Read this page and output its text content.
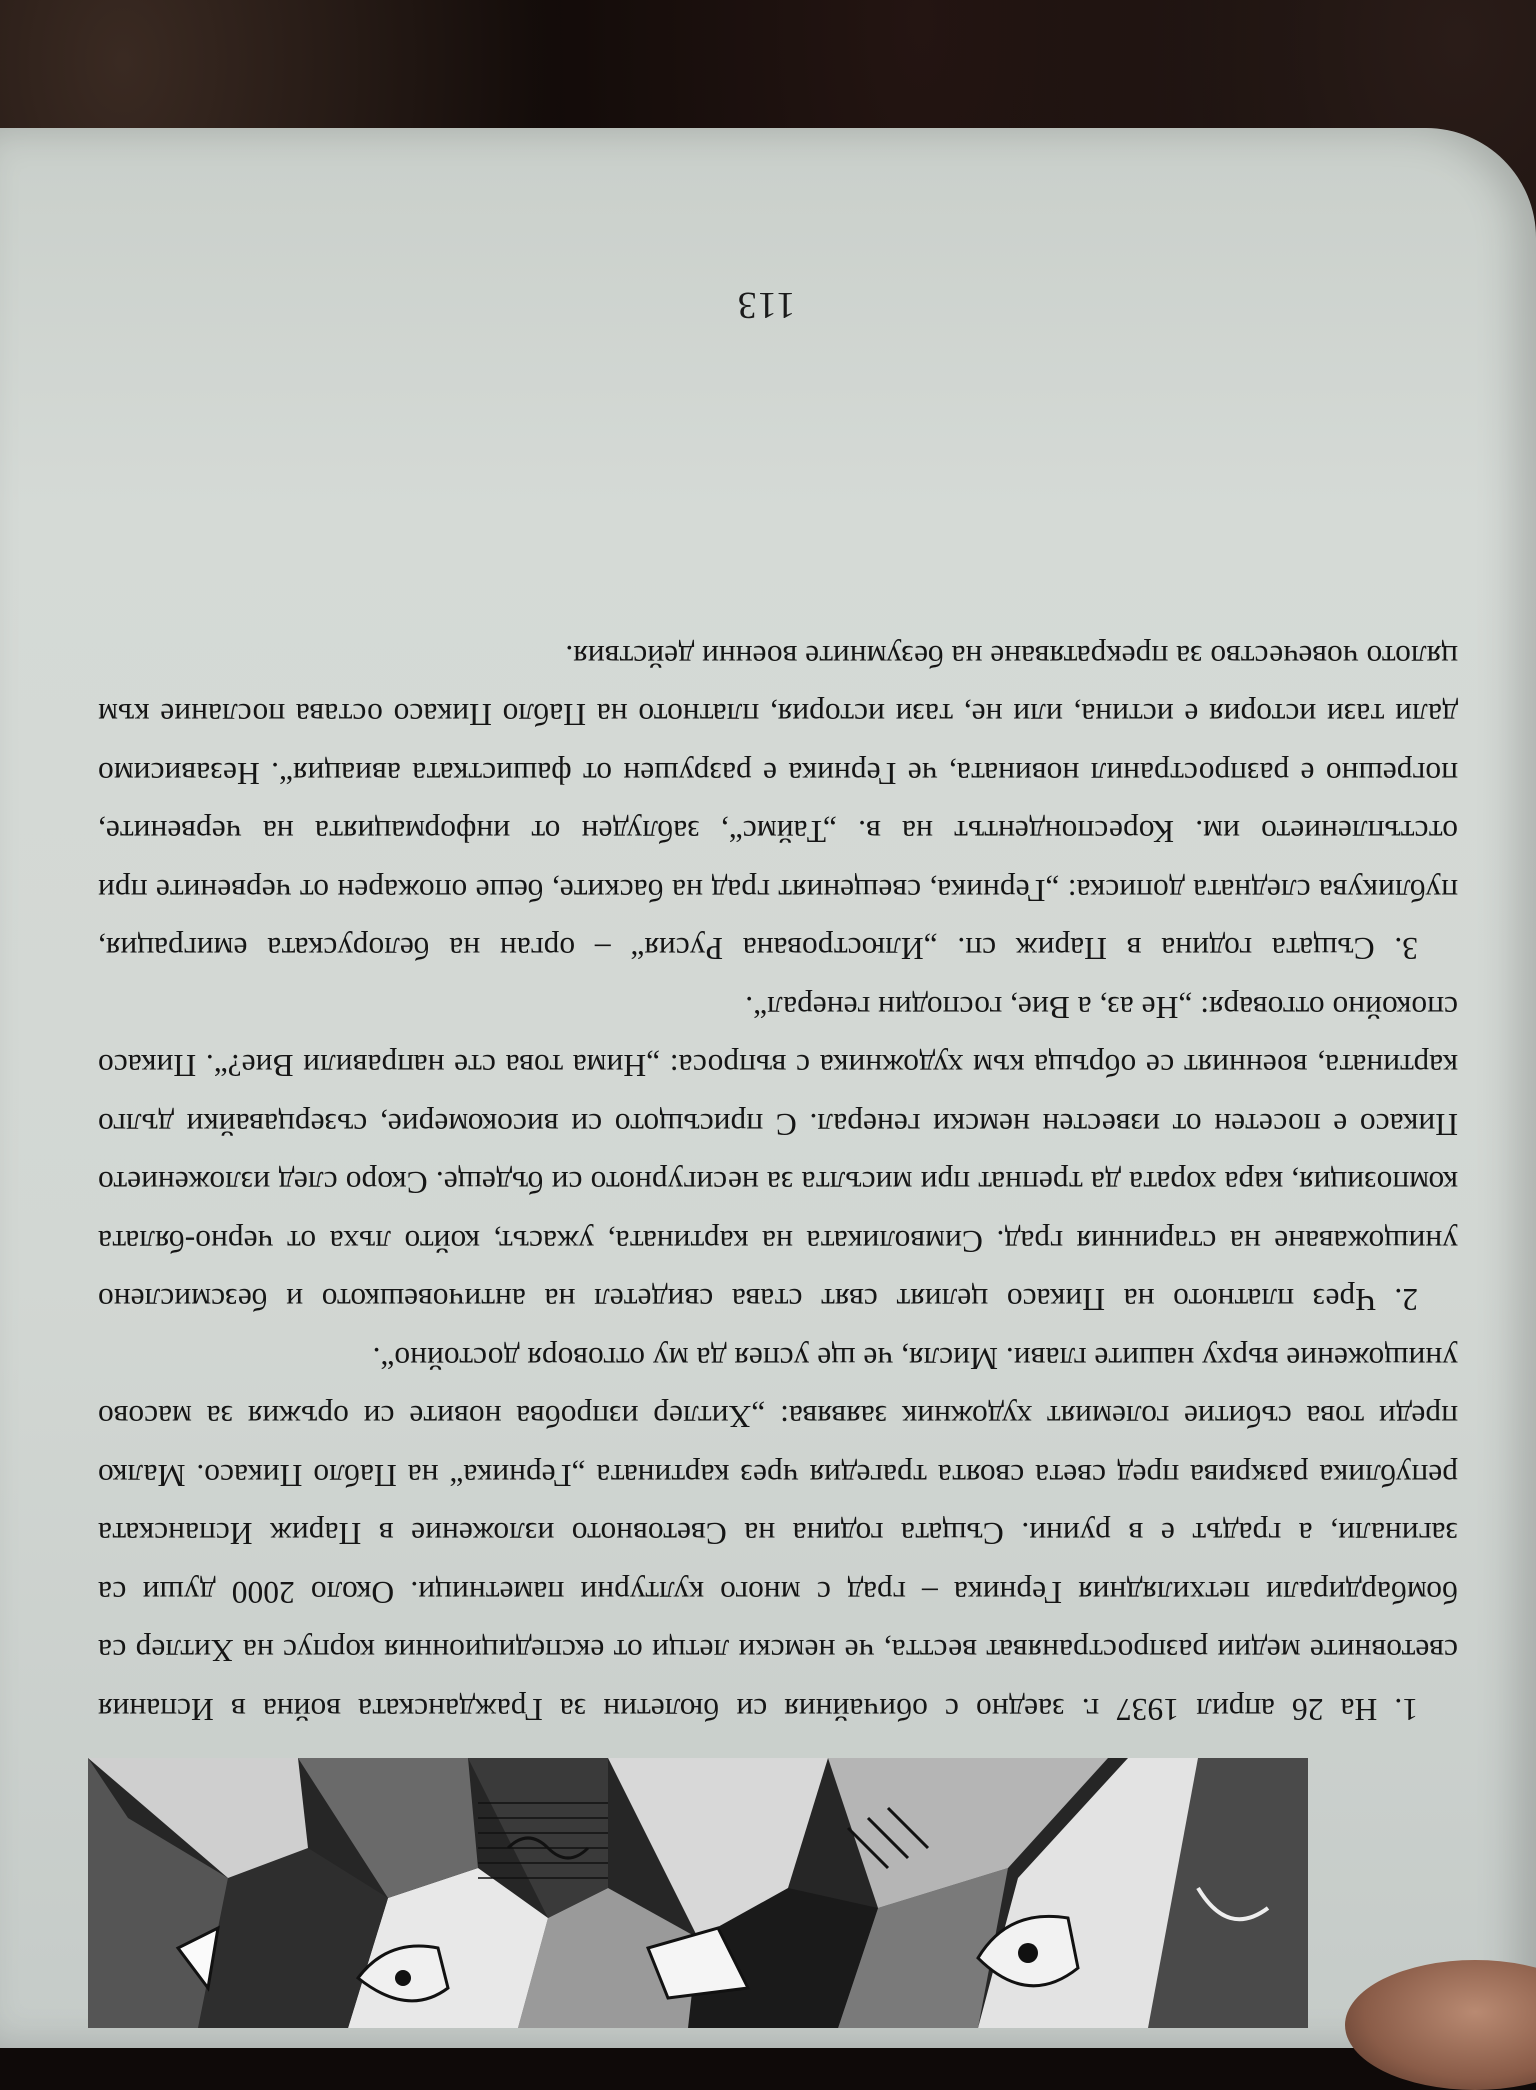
1. На 26 април 1937 г. заедно с обичайния си бюлетин за Гражданската война в Испания световните медии разпространяват вестта, че немски летци от експедиционния корпус на Хитлер са бомбардирали петхилядния Герника – град с много културни паметници. Около 2000 души са загинали, а градът е в руини. Същата година на Световното изложение в Париж Испанската република разкрива пред света своята трагедия чрез картината „Герника“ на Пабло Пикасо. Малко преди това събитие големият художник заявява: „Хитлер изпробва новите си оръжия за масово унищожение върху нашите глави. Мисля, че ще успея да му отговоря достойно“.

2. Чрез платното на Пикасо целият свят става свидетел на античовешкото и безсмислено унищожаване на старинния град. Символиката на картината, ужасът, който лъха от черно-бялата композиция, кара хората да трепнат при мисълта за несигурното си бъдеще. Скоро след изложението Пикасо е посетен от известен немски генерал. С присъщото си високомерие, съзерцавайки дълго картината, военният се обръща към художника с въпроса: „Нима това сте направили Вие?“. Пикасо спокойно отговаря: „Не аз, а Вие, господин генерал“.

3. Същата година в Париж сп. „Илюстрована Русия“ – орган на белоруската емиграция, публикува следната дописка: „Герника, свещеният град на баските, беше опожарен от червените при отстъплението им. Кореспондентът на в. „Таймс“, заблуден от информацията на червените, погрешно е разпространил новината, че Герника е разрушен от фашистката авиация“. Независимо дали тази история е истина, или не, тази история, платното на Пабло Пикасо остава послание към цялото човечество за прекратяване на безумните военни действия.

113
